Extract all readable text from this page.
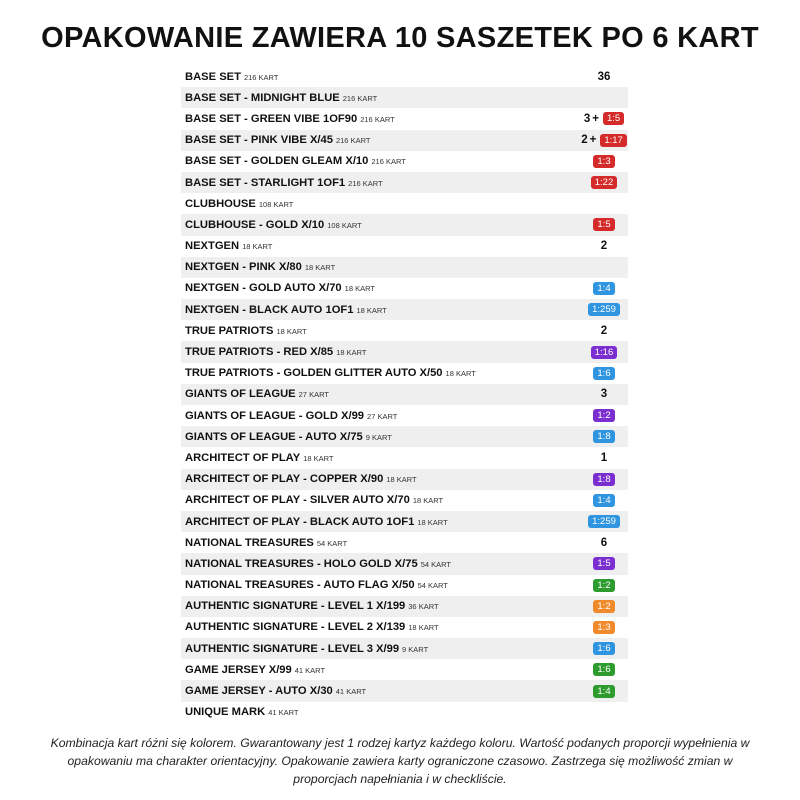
OPAKOWANIE ZAWIERA 10 SASZETEK PO 6 KART
BASE SET 216 KART	36
BASE SET - MIDNIGHT BLUE 216 KART
BASE SET - GREEN VIBE 1OF90 216 KART	3 + 1:5
BASE SET - PINK VIBE X/45 216 KART	2 + 1:17
BASE SET - GOLDEN GLEAM X/10 216 KART	1:3
BASE SET - STARLIGHT 1OF1 216 KART	1:22
CLUBHOUSE 108 KART
CLUBHOUSE - GOLD X/10 108 KART	1:5
NEXTGEN 18 KART	2
NEXTGEN - PINK X/80 18 KART
NEXTGEN - GOLD AUTO X/70 18 KART	1:4
NEXTGEN - BLACK AUTO 1OF1 18 KART	1:259
TRUE PATRIOTS 18 KART	2
TRUE PATRIOTS - RED X/85 18 KART	1:16
TRUE PATRIOTS - GOLDEN GLITTER AUTO X/50 18 KART	1:6
GIANTS OF LEAGUE 27 KART	3
GIANTS OF LEAGUE - GOLD X/99 27 KART	1:2
GIANTS OF LEAGUE - AUTO X/75 9 KART	1:8
ARCHITECT OF PLAY 18 KART	1
ARCHITECT OF PLAY - COPPER X/90 18 KART	1:8
ARCHITECT OF PLAY - SILVER AUTO X/70 18 KART	1:4
ARCHITECT OF PLAY - BLACK AUTO 1OF1 18 KART	1:259
NATIONAL TREASURES 54 KART	6
NATIONAL TREASURES - HOLO GOLD X/75 54 KART	1:5
NATIONAL TREASURES - AUTO FLAG X/50 54 KART	1:2
AUTHENTIC SIGNATURE - LEVEL 1 X/199 36 KART	1:2
AUTHENTIC SIGNATURE - LEVEL 2 X/139 18 KART	1:3
AUTHENTIC SIGNATURE - LEVEL 3 X/99 9 KART	1:6
GAME JERSEY X/99 41 KART	1:6
GAME JERSEY - AUTO X/30 41 KART	1:4
UNIQUE MARK 41 KART
Kombinacja kart różni się kolorem. Gwarantowany jest 1 rodzej kartyz każdego koloru. Wartość podanych proporcji wypełnienia w opakowaniu ma charakter orientacyjny. Opakowanie zawiera karty ograniczone czasowo. Zastrzega się możliwość zmian w proporcjach napełniania i w checkliście.
